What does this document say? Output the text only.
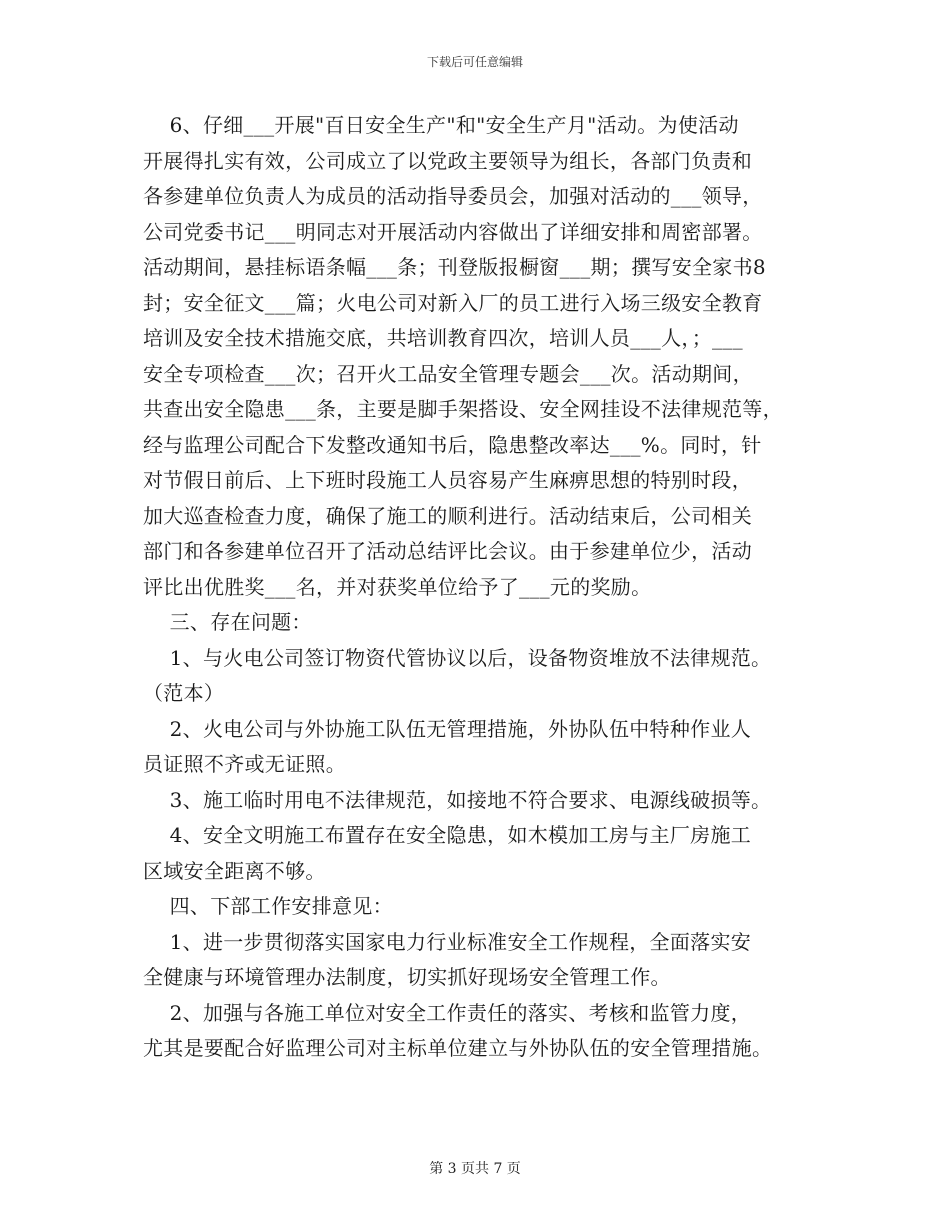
下载后可任意编辑
6、仔细___开展"百日安全生产"和"安全生产月"活动。为使活动
开展得扎实有效，公司成立了以党政主要领导为组长，各部门负责和
各参建单位负责人为成员的活动指导委员会，加强对活动的___领导，
公司党委书记___明同志对开展活动内容做出了详细安排和周密部署。
活动期间，悬挂标语条幅___条；刊登版报橱窗___期；撰写安全家书8
封；安全征文___篇；火电公司对新入厂的员工进行入场三级安全教育
培训及安全技术措施交底，共培训教育四次，培训人员___人，；___
安全专项检查___次；召开火工品安全管理专题会___次。活动期间，
共查出安全隐患___条，主要是脚手架搭设、安全网挂设不法律规范等，
经与监理公司配合下发整改通知书后，隐患整改率达___%。同时，针
对节假日前后、上下班时段施工人员容易产生麻痹思想的特别时段，
加大巡查检查力度，确保了施工的顺利进行。活动结束后，公司相关
部门和各参建单位召开了活动总结评比会议。由于参建单位少，活动
评比出优胜奖___名，并对获奖单位给予了___元的奖励。
三、存在问题：
1、与火电公司签订物资代管协议以后，设备物资堆放不法律规范。
（范本）
2、火电公司与外协施工队伍无管理措施，外协队伍中特种作业人
员证照不齐或无证照。
3、施工临时用电不法律规范，如接地不符合要求、电源线破损等。
4、安全文明施工布置存在安全隐患，如木模加工房与主厂房施工
区域安全距离不够。
四、下部工作安排意见：
1、进一步贯彻落实国家电力行业标准安全工作规程，全面落实安
全健康与环境管理办法制度，切实抓好现场安全管理工作。
2、加强与各施工单位对安全工作责任的落实、考核和监管力度，
尤其是要配合好监理公司对主标单位建立与外协队伍的安全管理措施。
第 3 页共 7 页
